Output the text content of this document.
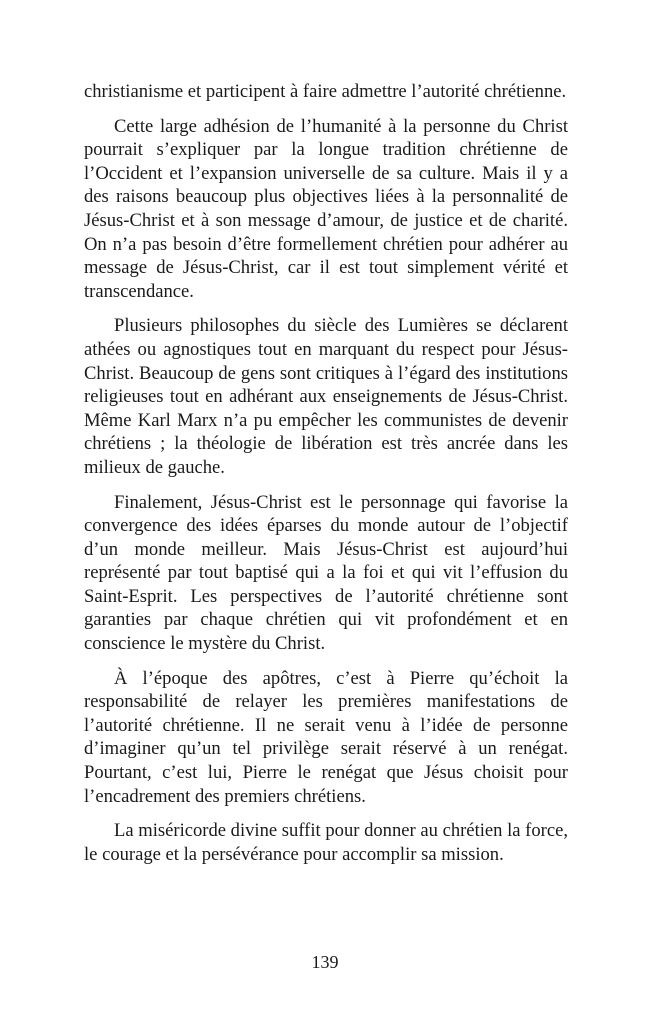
christianisme et participent à faire admettre l’autorité chrétienne.

Cette large adhésion de l’humanité à la personne du Christ pourrait s’expliquer par la longue tradition chrétienne de l’Occident et l’expansion universelle de sa culture. Mais il y a des raisons beaucoup plus objectives liées à la personnalité de Jésus-Christ et à son message d’amour, de justice et de charité. On n’a pas besoin d’être formellement chrétien pour adhérer au message de Jésus-Christ, car il est tout simplement vérité et transcendance.

Plusieurs philosophes du siècle des Lumières se déclarent athées ou agnostiques tout en marquant du respect pour Jésus-Christ. Beaucoup de gens sont critiques à l’égard des institutions religieuses tout en adhérant aux enseignements de Jésus-Christ. Même Karl Marx n’a pu empêcher les communistes de devenir chrétiens ; la théologie de libération est très ancrée dans les milieux de gauche.

Finalement, Jésus-Christ est le personnage qui favorise la convergence des idées éparses du monde autour de l’objectif d’un monde meilleur. Mais Jésus-Christ est aujourd’hui représenté par tout baptisé qui a la foi et qui vit l’effusion du Saint-Esprit. Les perspectives de l’autorité chrétienne sont garanties par chaque chrétien qui vit profondément et en conscience le mystère du Christ.

À l’époque des apôtres, c’est à Pierre qu’échoit la responsabilité de relayer les premières manifestations de l’autorité chrétienne. Il ne serait venu à l’idée de personne d’imaginer qu’un tel privilège serait réservé à un renégat. Pourtant, c’est lui, Pierre le renégat que Jésus choisit pour l’encadrement des premiers chrétiens.

La miséricorde divine suffit pour donner au chrétien la force, le courage et la persévérance pour accomplir sa mission.

139
